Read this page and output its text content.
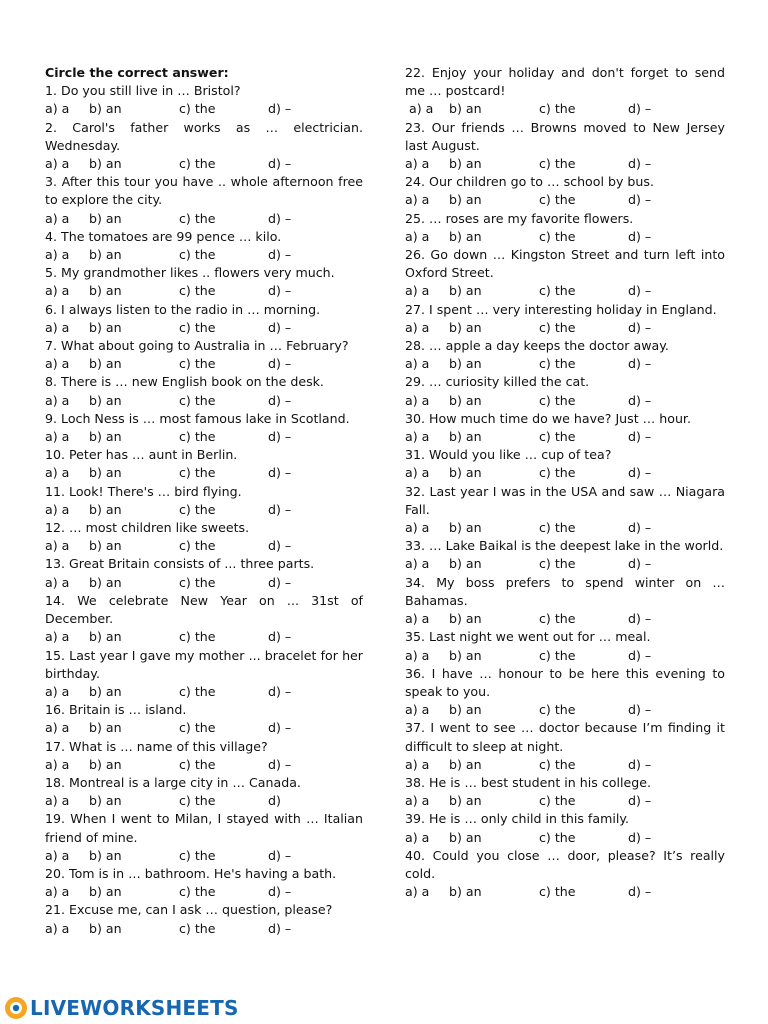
Circle the correct answer:
1. Do you still live in … Bristol?
a) a	b) an	c) the	d) –
2. Carol's father works as … electrician. Wednesday.
a) a	b) an	c) the	d) –
3. After this tour you have .. whole afternoon free to explore the city.
a) a	b) an	c) the	d) –
4. The tomatoes are 99 pence … kilo.
a) a	b) an	c) the	d) –
5. My grandmother likes .. flowers very much.
a) a	b) an	c) the	d) –
6. I always listen to the radio in … morning.
a) a	b) an	c) the	d) –
7. What about going to Australia in … February?
a) a	b) an	c) the	d) –
8. There is … new English book on the desk.
a) a	b) an	c) the	d) –
9. Loch Ness is … most famous lake in Scotland.
a) a	b) an	c) the	d) –
10. Peter has … aunt in Berlin.
a) a	b) an	c) the	d) –
11. Look! There's … bird flying.
a) a	b) an	c) the	d) –
12. … most children like sweets.
a) a	b) an	c) the	d) –
13. Great Britain consists of ... three parts.
a) a	b) an	c) the	d) –
14. We celebrate New Year on ... 31st of December.
a) a	b) an	c) the	d) –
15. Last year I gave my mother ... bracelet for her birthday.
a) a	b) an	c) the	d) –
16. Britain is … island.
a) a	b) an	c) the	d) –
17. What is … name of this village?
a) a	b) an	c) the	d) –
18. Montreal is a large city in … Canada.
a) a	b) an	c) the	d)
19. When I went to Milan, I stayed with … Italian friend of mine.
a) a	b) an	c) the	d) –
20. Tom is in … bathroom. He's having a bath.
a) a	b) an	c) the	d) –
21. Excuse me, can I ask … question, please?
a) a	b) an	c) the	d) –
22. Enjoy your holiday and don't forget to send me … postcard!
a) a	b) an	c) the	d) –
23. Our friends … Browns moved to New Jersey last August.
a) a	b) an	c) the	d) –
24. Our children go to … school by bus.
a) a	b) an	c) the	d) –
25. … roses are my favorite flowers.
a) a	b) an	c) the	d) –
26. Go down … Kingston Street and turn left into Oxford Street.
a) a	b) an	c) the	d) –
27. I spent … very interesting holiday in England.
a) a	b) an	c) the	d) –
28. … apple a day keeps the doctor away.
a) a	b) an	c) the	d) –
29. … curiosity killed the cat.
a) a	b) an	c) the	d) –
30. How much time do we have? Just … hour.
a) a	b) an	c) the	d) –
31. Would you like … cup of tea?
a) a	b) an	c) the	d) –
32. Last year I was in the USA and saw … Niagara Fall.
a) a	b) an	c) the	d) –
33. … Lake Baikal is the deepest lake in the world.
a) a	b) an	c) the	d) –
34. My boss prefers to spend winter on … Bahamas.
a) a	b) an	c) the	d) –
35. Last night we went out for … meal.
a) a	b) an	c) the	d) –
36. I have … honour to be here this evening to speak to you.
a) a	b) an	c) the	d) –
37. I went to see … doctor because I’m finding it difficult to sleep at night.
a) a	b) an	c) the	d) –
38. He is … best student in his college.
a) a	b) an	c) the	d) –
39. He is … only child in this family.
a) a	b) an	c) the	d) –
40. Could you close … door, please? It’s really cold.
a) a	b) an	c) the	d) –
LIVEWORKSHEETS
